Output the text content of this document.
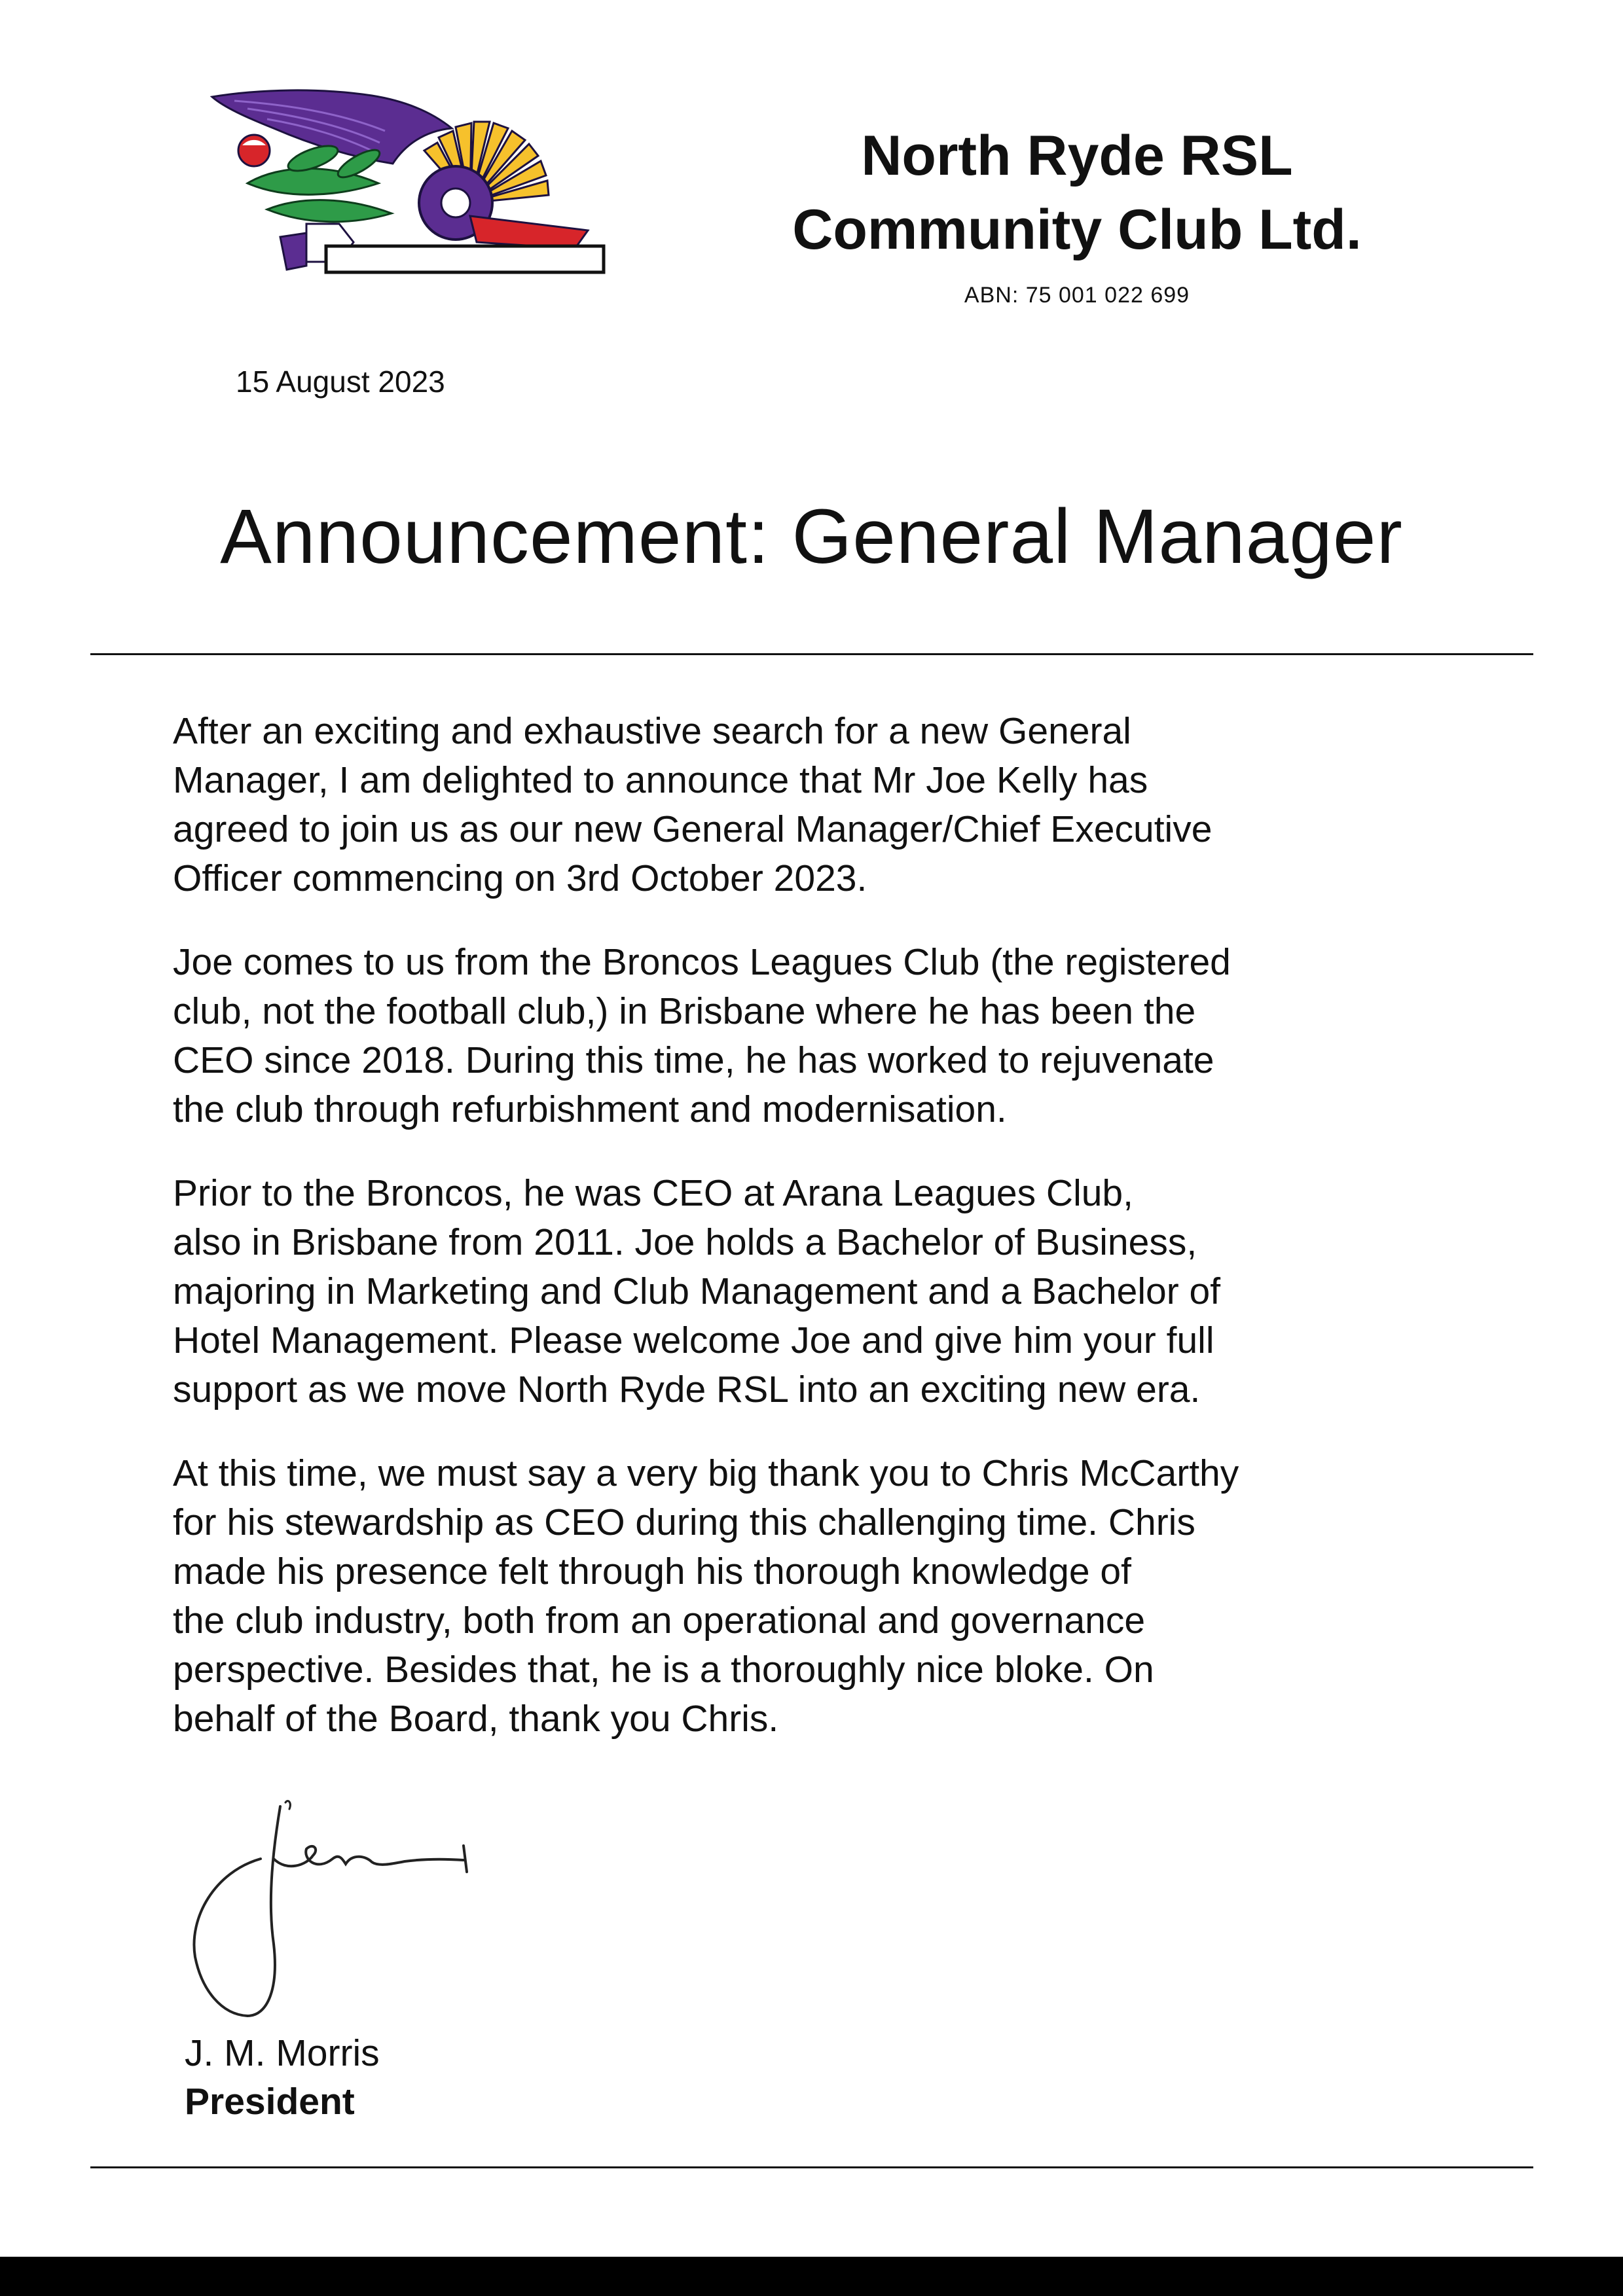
North Ryde RSL
Community Club Ltd.
ABN: 75 001 022 699
15 August 2023
Announcement: General Manager

After an exciting and exhaustive search for a new General
Manager, I am delighted to announce that Mr Joe Kelly has
agreed to join us as our new General Manager/Chief Executive
Officer commencing on 3rd October 2023.

Joe comes to us from the Broncos Leagues Club (the registered
club, not the football club,) in Brisbane where he has been the
CEO since 2018. During this time, he has worked to rejuvenate
the club through refurbishment and modernisation.

Prior to the Broncos, he was CEO at Arana Leagues Club,
also in Brisbane from 2011. Joe holds a Bachelor of Business,
majoring in Marketing and Club Management and a Bachelor of
Hotel Management. Please welcome Joe and give him your full
support as we move North Ryde RSL into an exciting new era.

At this time, we must say a very big thank you to Chris McCarthy
for his stewardship as CEO during this challenging time. Chris
made his presence felt through his thorough knowledge of
the club industry, both from an operational and governance
perspective. Besides that, he is a thoroughly nice bloke. On
behalf of the Board, thank you Chris.

J. M. Morris
President
